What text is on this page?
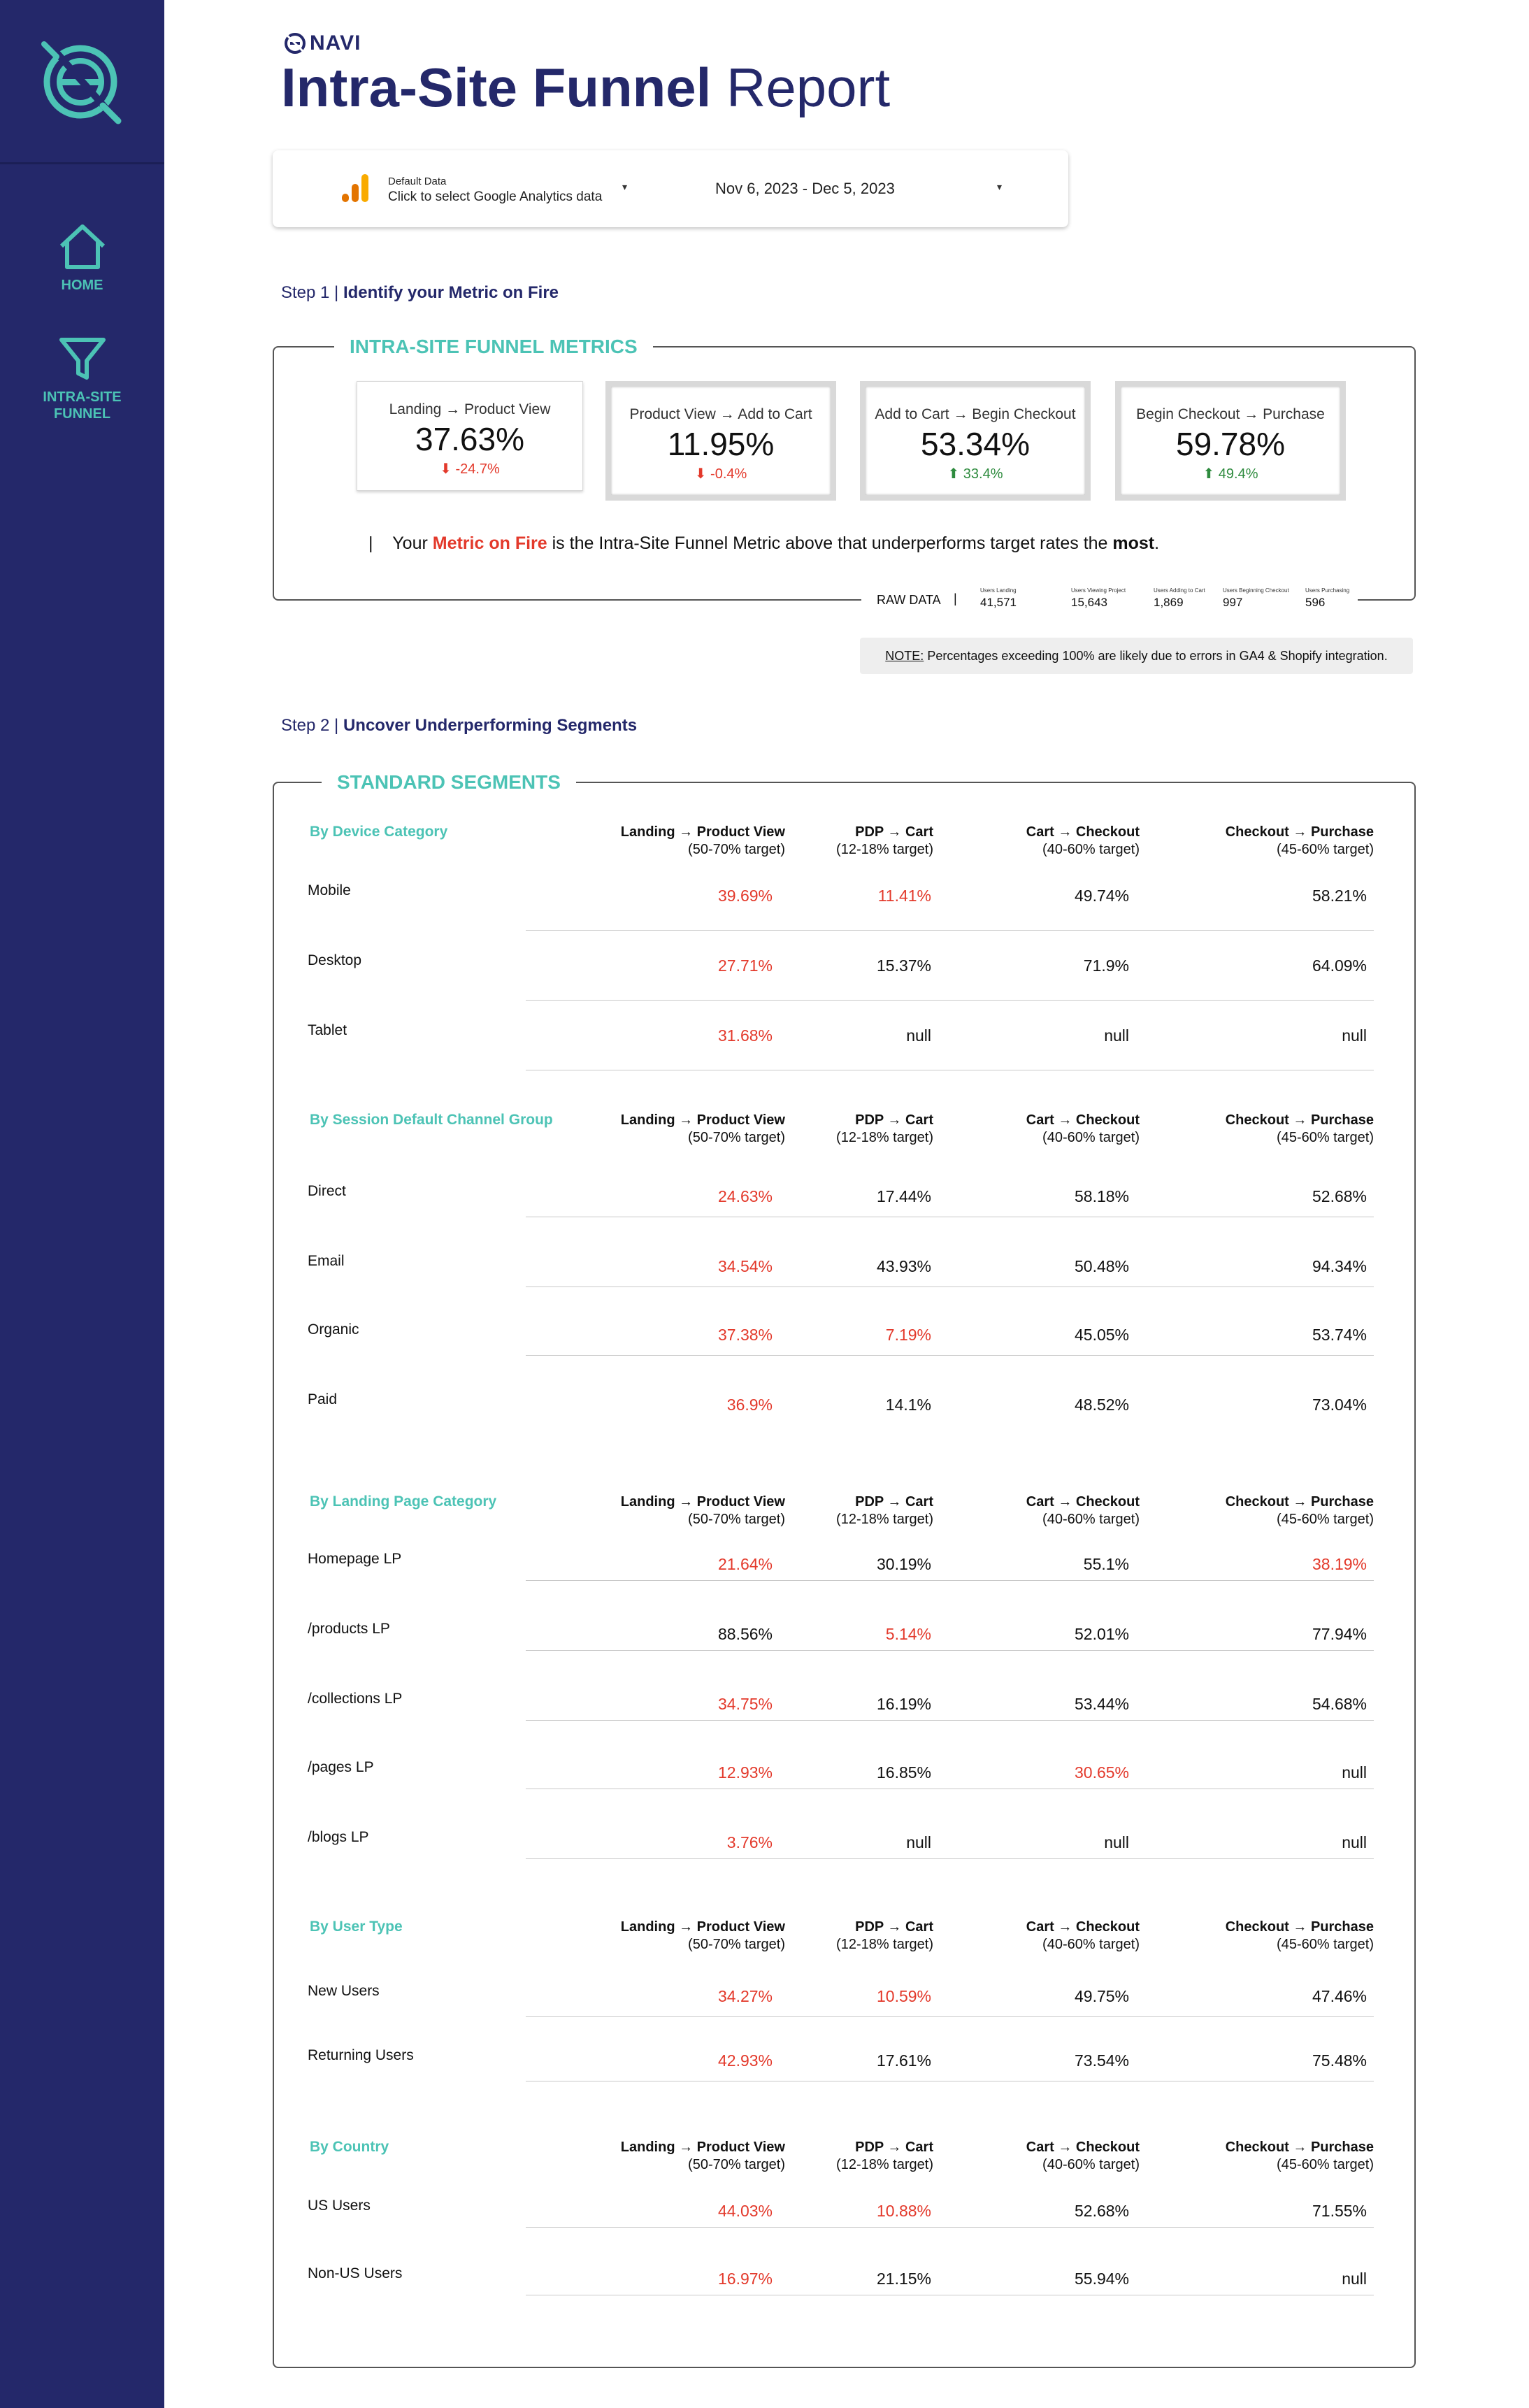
HOME
INTRA-SITE FUNNEL
NAVI
Intra-Site Funnel Report
Default Data
Click to select Google Analytics data
▾	Nov 6, 2023 - Dec 5, 2023	▾
Step 1 | Identify your Metric on Fire
INTRA-SITE FUNNEL METRICS
Landing → Product View
37.63%
⬇ -24.7%
Product View → Add to Cart
11.95%
⬇ -0.4%
Add to Cart → Begin Checkout
53.34%
⬆ 33.4%
Begin Checkout → Purchase
59.78%
⬆ 49.4%
|    Your Metric on Fire is the Intra-Site Funnel Metric above that underperforms target rates the most.
RAW DATA |
Users Landing
41,571
Users Viewing Project
15,643
Users Adding to Cart
1,869
Users Beginning Checkout
997
Users Purchasing
596
NOTE: Percentages exceeding 100% are likely due to errors in GA4 & Shopify integration.
Step 2 | Uncover Underperforming Segments
STANDARD SEGMENTS
By Device Category	Landing → Product View
(50-70% target)
PDP → Cart
(12-18% target)
Cart → Checkout
(40-60% target)
Checkout → Purchase
(45-60% target)
Mobile	39.69%	11.41%	49.74%	58.21%
Desktop	27.71%	15.37%	71.9%	64.09%
Tablet	31.68%	null	null	null
By Session Default Channel Group	Landing → Product View
(50-70% target)
PDP → Cart
(12-18% target)
Cart → Checkout
(40-60% target)
Checkout → Purchase
(45-60% target)
Direct	24.63%	17.44%	58.18%	52.68%
Email	34.54%	43.93%	50.48%	94.34%
Organic	37.38%	7.19%	45.05%	53.74%
Paid	36.9%	14.1%	48.52%	73.04%
By Landing Page Category	Landing → Product View
(50-70% target)
PDP → Cart
(12-18% target)
Cart → Checkout
(40-60% target)
Checkout → Purchase
(45-60% target)
Homepage LP	21.64%	30.19%	55.1%	38.19%
/products LP	88.56%	5.14%	52.01%	77.94%
/collections LP	34.75%	16.19%	53.44%	54.68%
/pages LP	12.93%	16.85%	30.65%	null
/blogs LP	3.76%	null	null	null
By User Type	Landing → Product View
(50-70% target)
PDP → Cart
(12-18% target)
Cart → Checkout
(40-60% target)
Checkout → Purchase
(45-60% target)
New Users	34.27%	10.59%	49.75%	47.46%
Returning Users	42.93%	17.61%	73.54%	75.48%
By Country	Landing → Product View
(50-70% target)
PDP → Cart
(12-18% target)
Cart → Checkout
(40-60% target)
Checkout → Purchase
(45-60% target)
US Users	44.03%	10.88%	52.68%	71.55%
Non-US Users	16.97%	21.15%	55.94%	null
